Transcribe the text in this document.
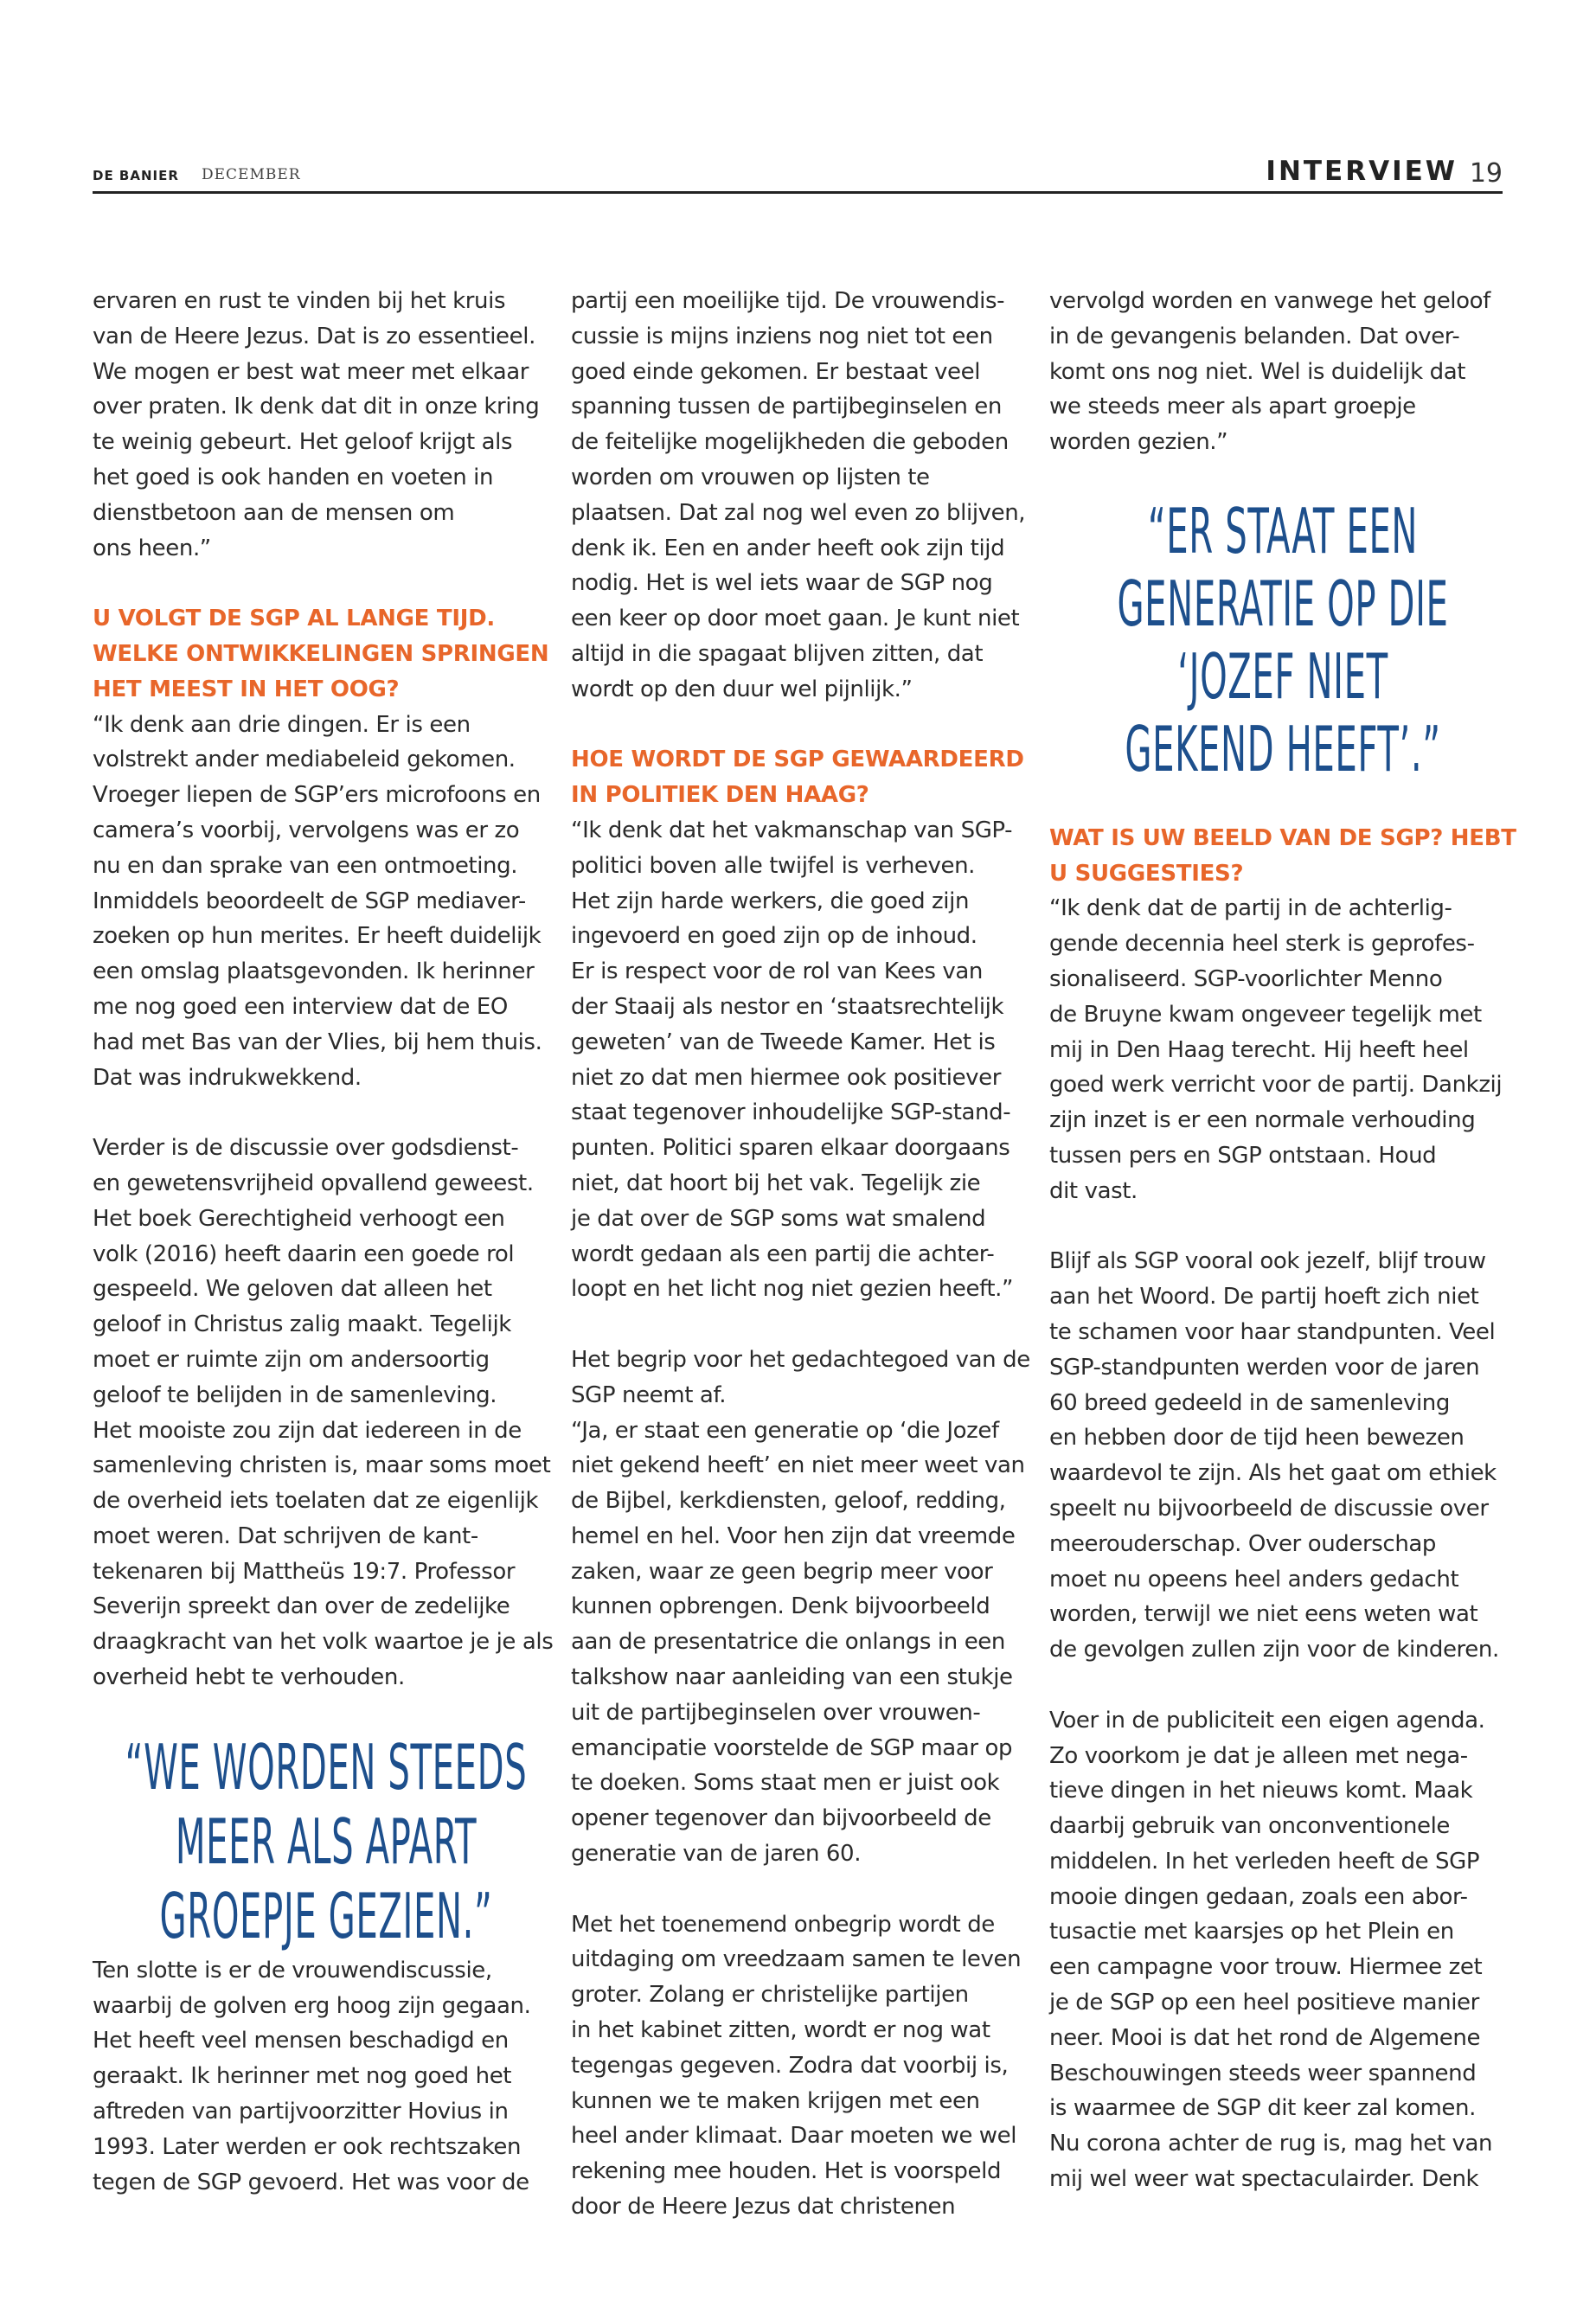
DE BANIER DECEMBER	INTERVIEW 19

ervaren en rust te vinden bij het kruis
van de Heere Jezus. Dat is zo essentieel.
We mogen er best wat meer met elkaar
over praten. Ik denk dat dit in onze kring
te weinig gebeurt. Het geloof krijgt als
het goed is ook handen en voeten in
dienstbetoon aan de mensen om
ons heen.”

U VOLGT DE SGP AL LANGE TIJD.
WELKE ONTWIKKELINGEN SPRINGEN
HET MEEST IN HET OOG?

“Ik denk aan drie dingen. Er is een
volstrekt ander mediabeleid gekomen.
Vroeger liepen de SGP’ers microfoons en
camera’s voorbij, vervolgens was er zo
nu en dan sprake van een ontmoeting.
Inmiddels beoordeelt de SGP mediaver-
zoeken op hun merites. Er heeft duidelijk
een omslag plaatsgevonden. Ik herinner
me nog goed een interview dat de EO
had met Bas van der Vlies, bij hem thuis.
Dat was indrukwekkend.

Verder is de discussie over godsdienst-
en gewetensvrijheid opvallend geweest.
Het boek Gerechtigheid verhoogt een
volk (2016) heeft daarin een goede rol
gespeeld. We geloven dat alleen het
geloof in Christus zalig maakt. Tegelijk
moet er ruimte zijn om andersoortig
geloof te belijden in de samenleving.
Het mooiste zou zijn dat iedereen in de
samenleving christen is, maar soms moet
de overheid iets toelaten dat ze eigenlijk
moet weren. Dat schrijven de kant-
tekenaren bij Mattheüs 19:7. Professor
Severijn spreekt dan over de zedelijke
draagkracht van het volk waartoe je je als
overheid hebt te verhouden.

“WE WORDEN STEEDS
MEER ALS APART
GROEPJE GEZIEN.”

Ten slotte is er de vrouwendiscussie,
waarbij de golven erg hoog zijn gegaan.
Het heeft veel mensen beschadigd en
geraakt. Ik herinner met nog goed het
aftreden van partijvoorzitter Hovius in
1993. Later werden er ook rechtszaken
tegen de SGP gevoerd. Het was voor de

partij een moeilijke tijd. De vrouwendis-
cussie is mijns inziens nog niet tot een
goed einde gekomen. Er bestaat veel
spanning tussen de partijbeginselen en
de feitelijke mogelijkheden die geboden
worden om vrouwen op lijsten te
plaatsen. Dat zal nog wel even zo blijven,
denk ik. Een en ander heeft ook zijn tijd
nodig. Het is wel iets waar de SGP nog
een keer op door moet gaan. Je kunt niet
altijd in die spagaat blijven zitten, dat
wordt op den duur wel pijnlijk.”

HOE WORDT DE SGP GEWAARDEERD
IN POLITIEK DEN HAAG?

“Ik denk dat het vakmanschap van SGP-
politici boven alle twijfel is verheven.
Het zijn harde werkers, die goed zijn
ingevoerd en goed zijn op de inhoud.
Er is respect voor de rol van Kees van
der Staaij als nestor en ‘staatsrechtelijk
geweten’ van de Tweede Kamer. Het is
niet zo dat men hiermee ook positiever
staat tegenover inhoudelijke SGP-stand-
punten. Politici sparen elkaar doorgaans
niet, dat hoort bij het vak. Tegelijk zie
je dat over de SGP soms wat smalend
wordt gedaan als een partij die achter-
loopt en het licht nog niet gezien heeft.”

Het begrip voor het gedachtegoed van de
SGP neemt af.
“Ja, er staat een generatie op ‘die Jozef
niet gekend heeft’ en niet meer weet van
de Bijbel, kerkdiensten, geloof, redding,
hemel en hel. Voor hen zijn dat vreemde
zaken, waar ze geen begrip meer voor
kunnen opbrengen. Denk bijvoorbeeld
aan de presentatrice die onlangs in een
talkshow naar aanleiding van een stukje
uit de partijbeginselen over vrouwen-
emancipatie voorstelde de SGP maar op
te doeken. Soms staat men er juist ook
opener tegenover dan bijvoorbeeld de
generatie van de jaren 60.

Met het toenemend onbegrip wordt de
uitdaging om vreedzaam samen te leven
groter. Zolang er christelijke partijen
in het kabinet zitten, wordt er nog wat
tegengas gegeven. Zodra dat voorbij is,
kunnen we te maken krijgen met een
heel ander klimaat. Daar moeten we wel
rekening mee houden. Het is voorspeld
door de Heere Jezus dat christenen

vervolgd worden en vanwege het geloof
in de gevangenis belanden. Dat over-
komt ons nog niet. Wel is duidelijk dat
we steeds meer als apart groepje
worden gezien.”

“ER STAAT EEN
GENERATIE OP DIE
‘JOZEF NIET
GEKEND HEEFT’.”
WAT IS UW BEELD VAN DE SGP? HEBT
U SUGGESTIES?

“Ik denk dat de partij in de achterlig-
gende decennia heel sterk is geprofes-
sionaliseerd. SGP-voorlichter Menno
de Bruyne kwam ongeveer tegelijk met
mij in Den Haag terecht. Hij heeft heel
goed werk verricht voor de partij. Dankzij
zijn inzet is er een normale verhouding
tussen pers en SGP ontstaan. Houd
dit vast.

Blijf als SGP vooral ook jezelf, blijf trouw
aan het Woord. De partij hoeft zich niet
te schamen voor haar standpunten. Veel
SGP-standpunten werden voor de jaren
60 breed gedeeld in de samenleving
en hebben door de tijd heen bewezen
waardevol te zijn. Als het gaat om ethiek
speelt nu bijvoorbeeld de discussie over
meerouderschap. Over ouderschap
moet nu opeens heel anders gedacht
worden, terwijl we niet eens weten wat
de gevolgen zullen zijn voor de kinderen.

Voer in de publiciteit een eigen agenda.
Zo voorkom je dat je alleen met nega-
tieve dingen in het nieuws komt. Maak
daarbij gebruik van onconventionele
middelen. In het verleden heeft de SGP
mooie dingen gedaan, zoals een abor-
tusactie met kaarsjes op het Plein en
een campagne voor trouw. Hiermee zet
je de SGP op een heel positieve manier
neer. Mooi is dat het rond de Algemene
Beschouwingen steeds weer spannend
is waarmee de SGP dit keer zal komen.
Nu corona achter de rug is, mag het van
mij wel weer wat spectaculairder. Denk
